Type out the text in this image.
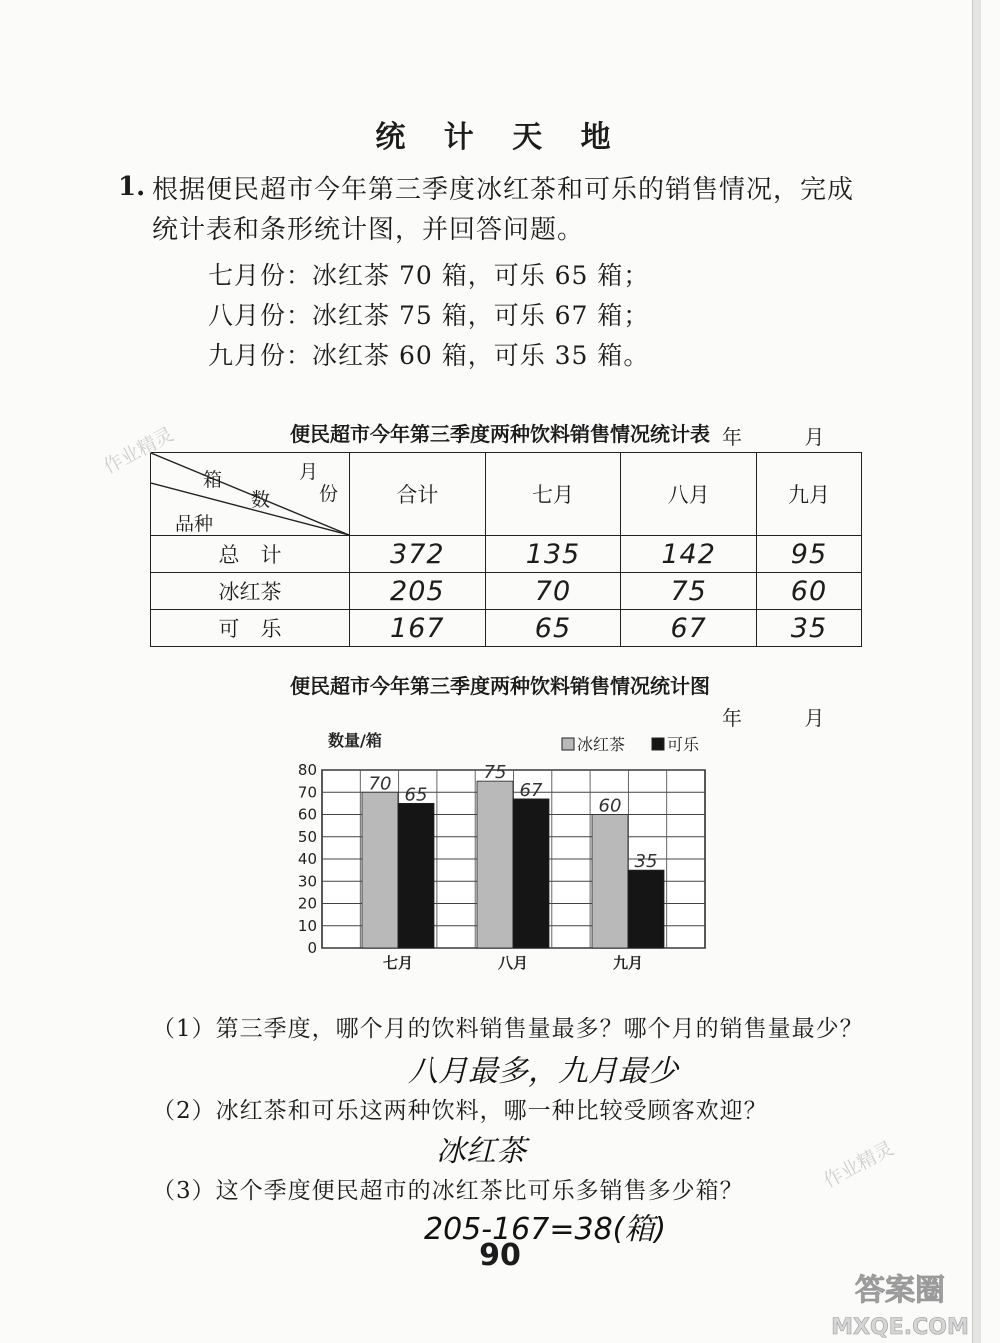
统 计 天 地
1. 根据便民超市今年第三季度冰红茶和可乐的销售情况，完成
统计表和条形统计图，并回答问题。
七月份：冰红茶 70 箱，可乐 65 箱；
八月份：冰红茶 75 箱，可乐 67 箱；
九月份：冰红茶 60 箱，可乐 35 箱。
便民超市今年第三季度两种饮料销售情况统计表 年 月
月
份
箱
数
品种	合计	七月	八月	九月
总　计	372	135	142	95
冰红茶	205	70	75	60
可　乐	167	65	67	35
便民超市今年第三季度两种饮料销售情况统计图
年 月
0
10
20
30
40
50
60
70
80
70
65
七月
75
67
八月
60
35
九月
数量/箱	冰红茶	可乐
（1）第三季度，哪个月的饮料销售量最多？哪个月的销售量最少？
八月最多，九月最少
（2）冰红茶和可乐这两种饮料，哪一种比较受顾客欢迎？
冰红茶
（3）这个季度便民超市的冰红茶比可乐多销售多少箱？
205-167=38(箱)
90
作业精灵
作业精灵
答案圈
MXQE.COM
